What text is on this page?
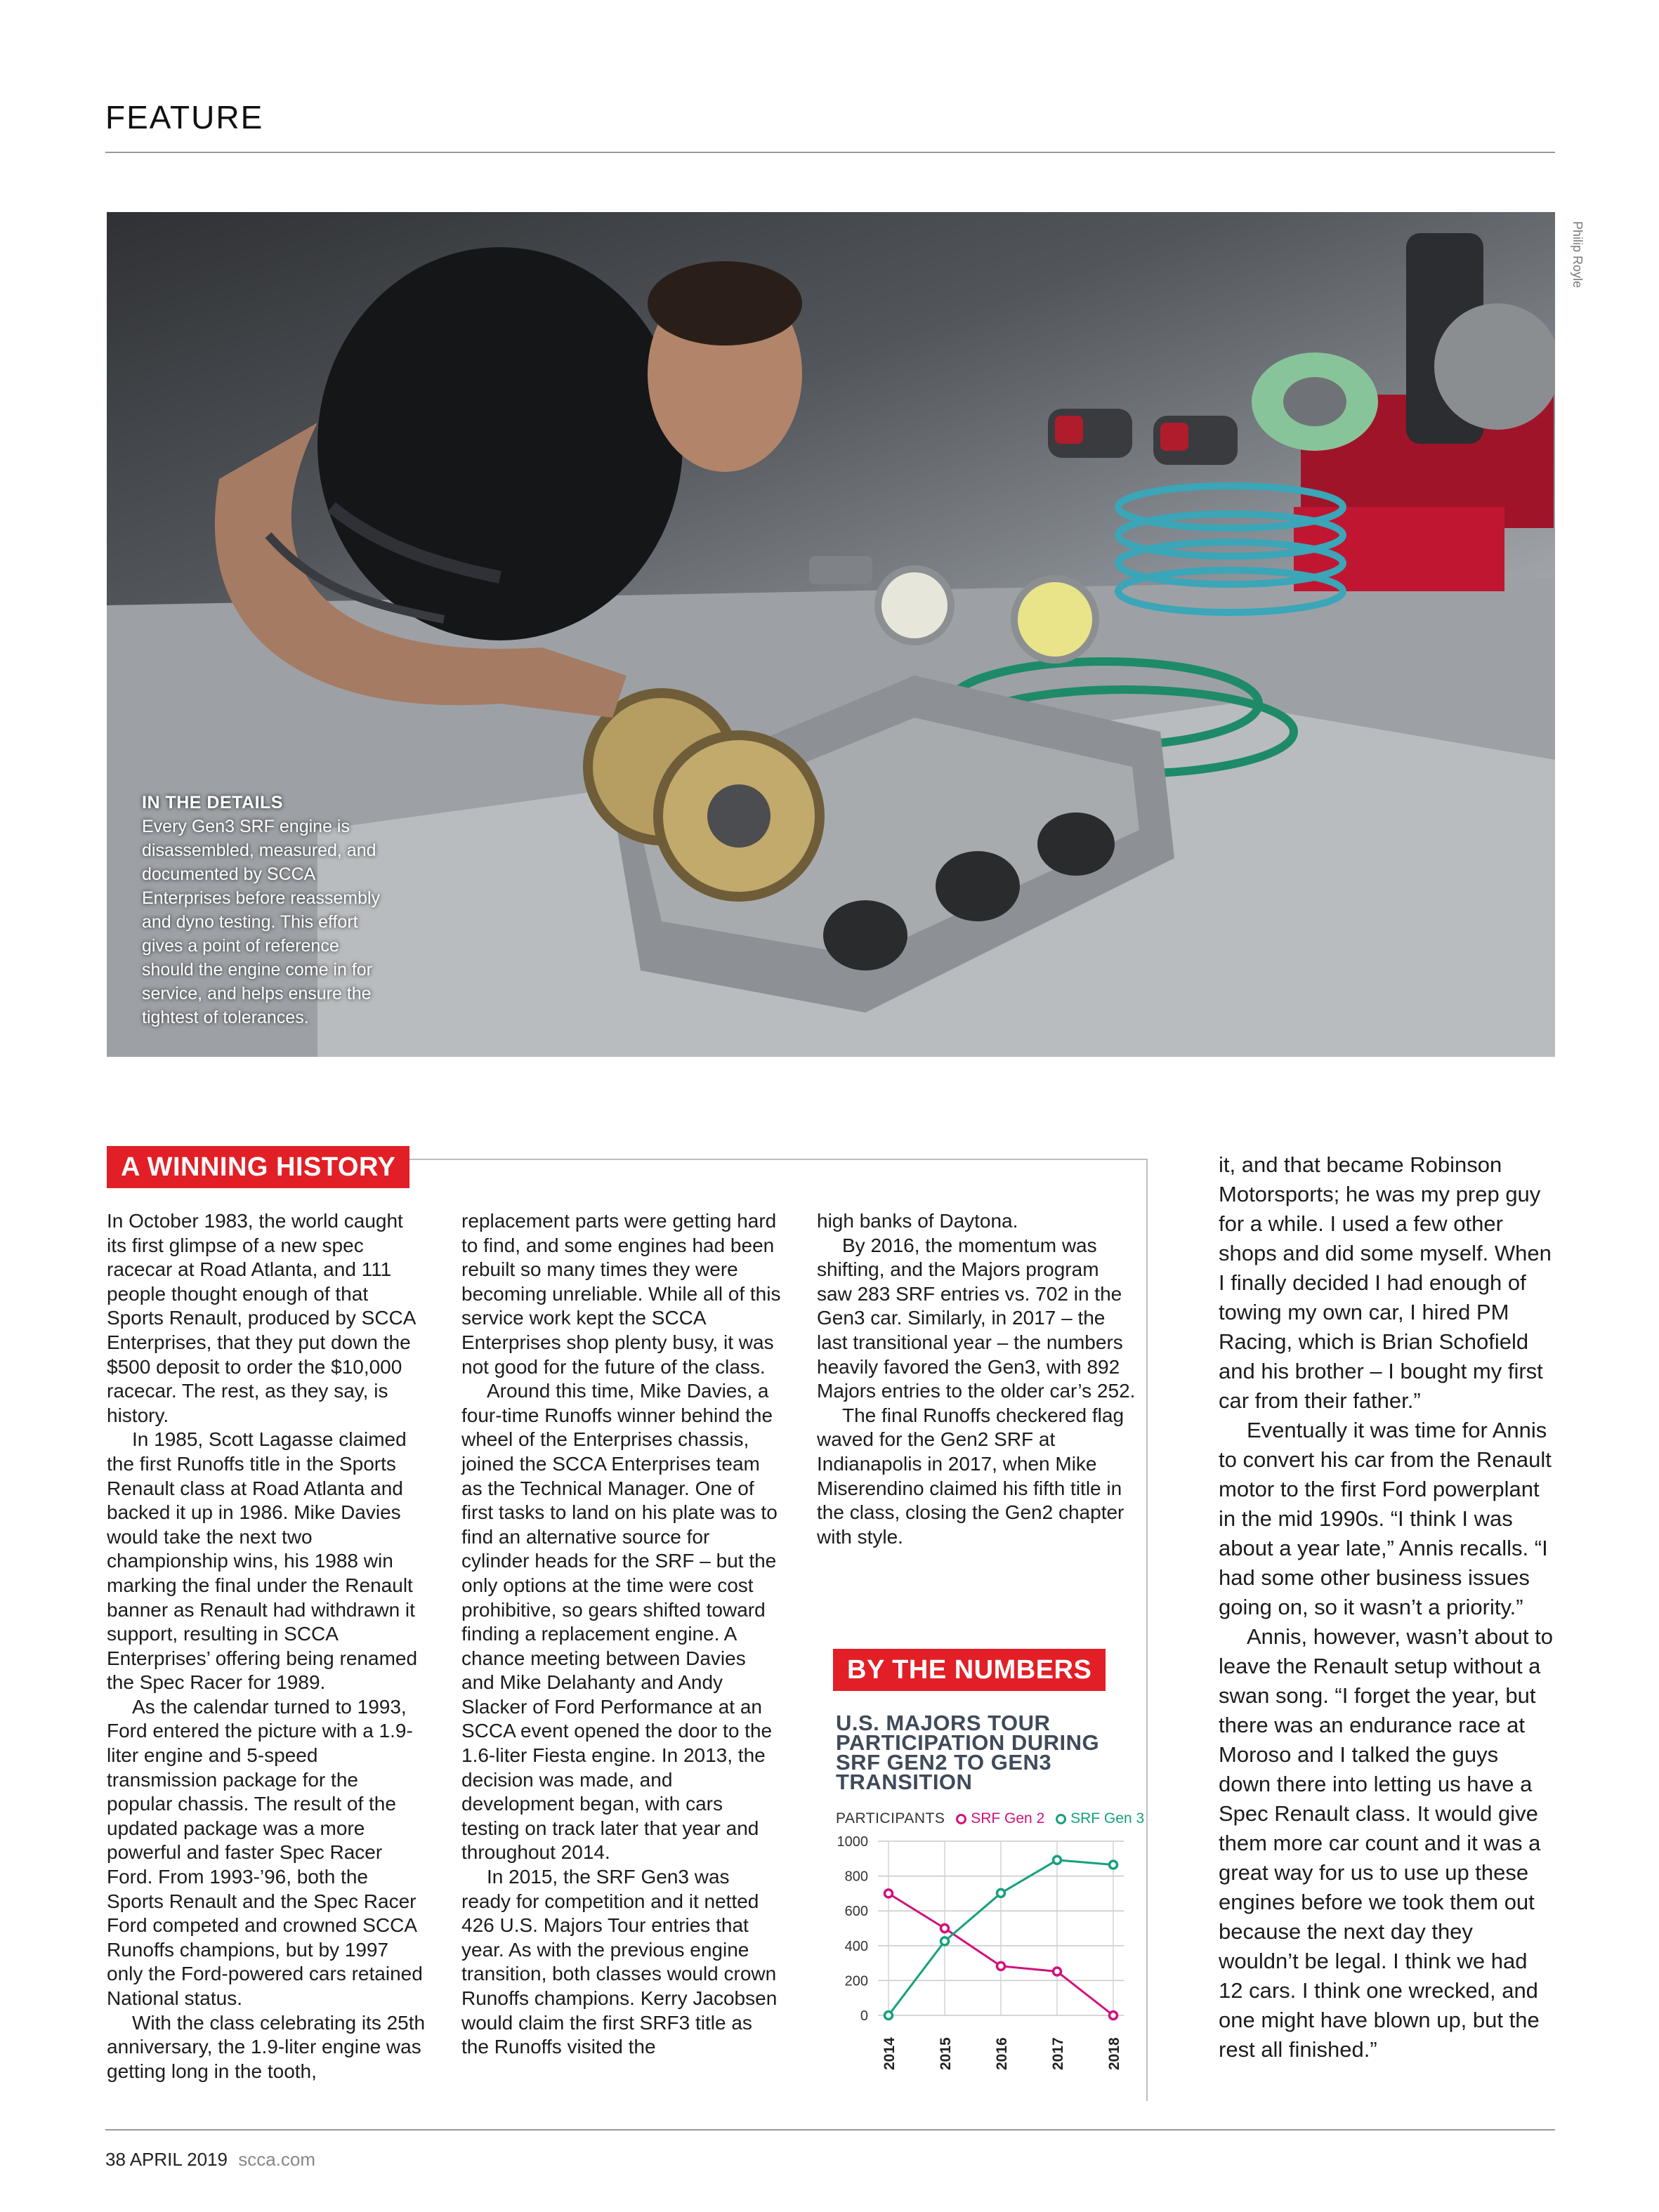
FEATURE
Philip Royle
IN THE DETAILS
Every Gen3 SRF engine is disassembled, measured, and documented by SCCA Enterprises before reassembly and dyno testing. This effort gives a point of reference should the engine come in for service, and helps ensure the tightest of tolerances.
A WINNING HISTORY

In October 1983, the world caught its first glimpse of a new spec racecar at Road Atlanta, and 111 people thought enough of that Sports Renault, produced by SCCA Enterprises, that they put down the $500 deposit to order the $10,000 racecar. The rest, as they say, is history.

In 1985, Scott Lagasse claimed the first Runoffs title in the Sports Renault class at Road Atlanta and backed it up in 1986. Mike Davies would take the next two championship wins, his 1988 win marking the final under the Renault banner as Renault had withdrawn it support, resulting in SCCA Enterprises’ offering being renamed the Spec Racer for 1989.

As the calendar turned to 1993, Ford entered the picture with a 1.9-liter engine and 5-speed transmission package for the popular chassis. The result of the updated package was a more powerful and faster Spec Racer Ford. From 1993-’96, both the Sports Renault and the Spec Racer Ford competed and crowned SCCA Runoffs champions, but by 1997 only the Ford-powered cars retained National status.

With the class celebrating its 25th anniversary, the 1.9-liter engine was getting long in the tooth,

replacement parts were getting hard to find, and some engines had been rebuilt so many times they were becoming unreliable. While all of this service work kept the SCCA Enterprises shop plenty busy, it was not good for the future of the class.

Around this time, Mike Davies, a four-time Runoffs winner behind the wheel of the Enterprises chassis, joined the SCCA Enterprises team as the Technical Manager. One of first tasks to land on his plate was to find an alternative source for cylinder heads for the SRF – but the only options at the time were cost prohibitive, so gears shifted toward finding a replacement engine. A chance meeting between Davies and Mike Delahanty and Andy Slacker of Ford Performance at an SCCA event opened the door to the 1.6-liter Fiesta engine. In 2013, the decision was made, and development began, with cars testing on track later that year and throughout 2014.

In 2015, the SRF Gen3 was ready for competition and it netted 426 U.S. Majors Tour entries that year. As with the previous engine transition, both classes would crown Runoffs champions. Kerry Jacobsen would claim the first SRF3 title as the Runoffs visited the

high banks of Daytona.

By 2016, the momentum was shifting, and the Majors program saw 283 SRF entries vs. 702 in the Gen3 car. Similarly, in 2017 – the last transitional year – the numbers heavily favored the Gen3, with 892 Majors entries to the older car’s 252.

The final Runoffs checkered flag waved for the Gen2 SRF at Indianapolis in 2017, when Mike Miserendino claimed his fifth title in the class, closing the Gen2 chapter with style.

BY THE NUMBERS
U.S. MAJORS TOUR PARTICIPATION DURING SRF GEN2 TO GEN3 TRANSITION
PARTICIPANTS SRF Gen 2 SRF Gen 3
0
200
400
600
800
1000
2014	2015	2016	2017	2018

it, and that became Robinson Motorsports; he was my prep guy for a while. I used a few other shops and did some myself. When I finally decided I had enough of towing my own car, I hired PM Racing, which is Brian Schofield and his brother – I bought my first car from their father.”

Eventually it was time for Annis to convert his car from the Renault motor to the first Ford powerplant in the mid 1990s. “I think I was about a year late,” Annis recalls. “I had some other business issues going on, so it wasn’t a priority.”

Annis, however, wasn’t about to leave the Renault setup without a swan song. “I forget the year, but there was an endurance race at Moroso and I talked the guys down there into letting us have a Spec Renault class. It would give them more car count and it was a great way for us to use up these engines before we took them out because the next day they wouldn’t be legal. I think we had 12 cars. I think one wrecked, and one might have blown up, but the rest all finished.”

38 APRIL 2019 scca.com
